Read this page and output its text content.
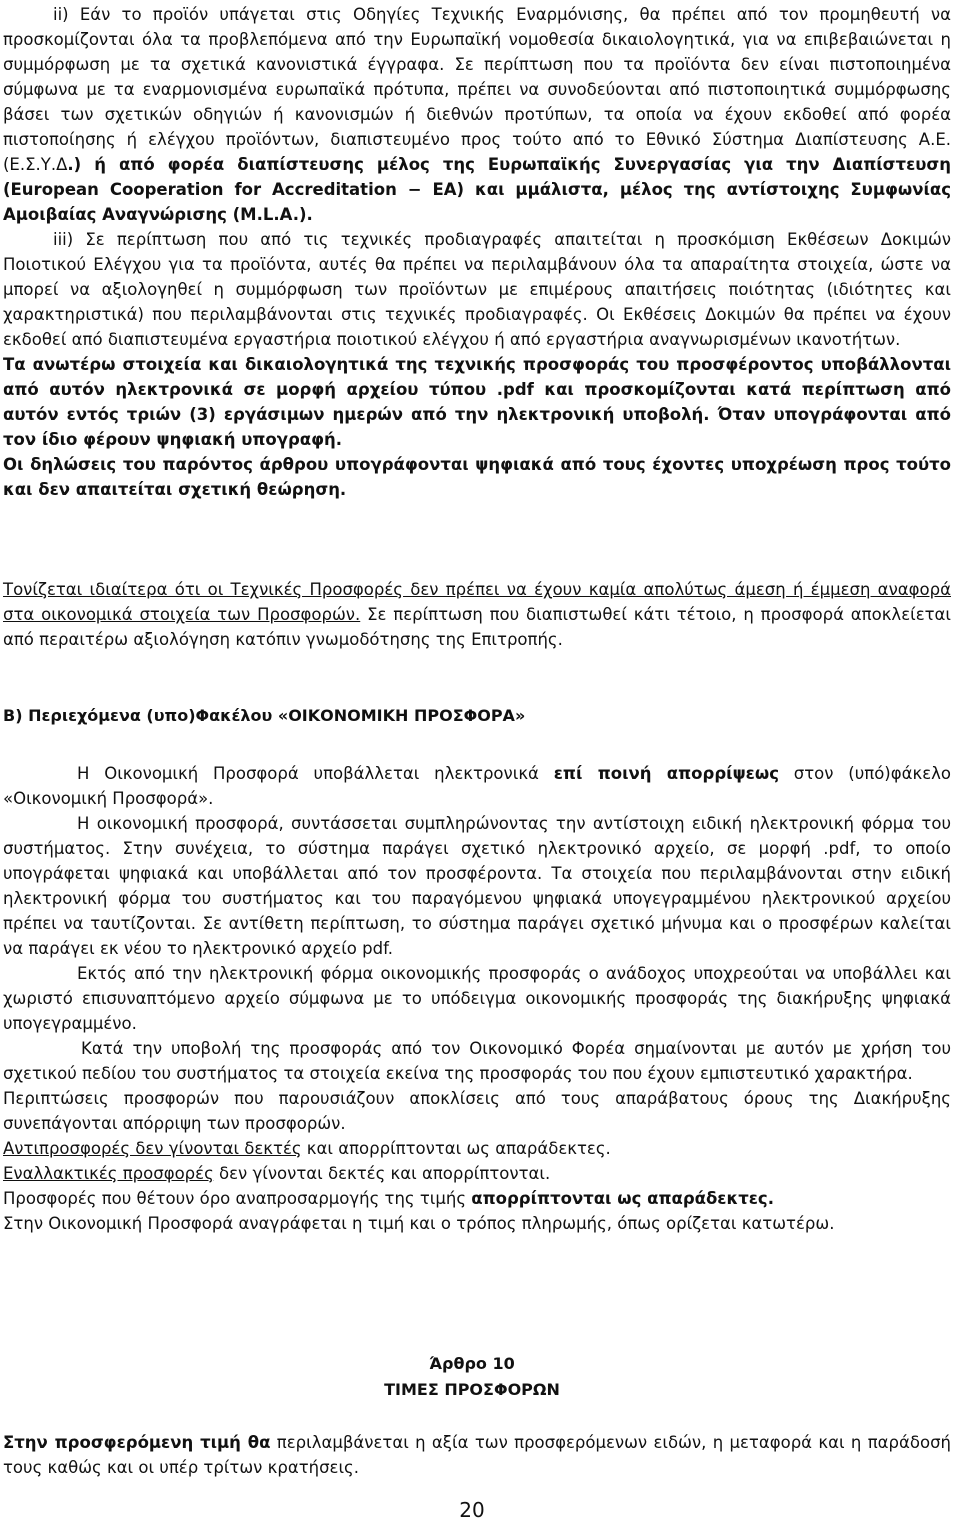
ii) Εάν το προϊόν υπάγεται στις Οδηγίες Τεχνικής Εναρμόνισης, θα πρέπει από τον προμηθευτή να προσκομίζονται όλα τα προβλεπόμενα από την Ευρωπαϊκή νομοθεσία δικαιολογητικά, για να επιβεβαιώνεται η συμμόρφωση με τα σχετικά κανονιστικά έγγραφα. Σε περίπτωση που τα προϊόντα δεν είναι πιστοποιημένα σύμφωνα με τα εναρμονισμένα ευρωπαϊκά πρότυπα, πρέπει να συνοδεύονται από πιστοποιητικά συμμόρφωσης βάσει των σχετικών οδηγιών ή κανονισμών ή διεθνών προτύπων, τα οποία να έχουν εκδοθεί από φορέα πιστοποίησης ή ελέγχου προϊόντων, διαπιστευμένο προς τούτο από το Εθνικό Σύστημα Διαπίστευσης Α.Ε. (Ε.Σ.Υ.Δ.) ή από φορέα διαπίστευσης μέλος της Ευρωπαϊκής Συνεργασίας για την Διαπίστευση (European Cooperation for Accreditation − EA) και μμάλιστα, μέλος της αντίστοιχης Συμφωνίας Αμοιβαίας Αναγνώρισης (M.L.A.).

iii) Σε περίπτωση που από τις τεχνικές προδιαγραφές απαιτείται η προσκόμιση Εκθέσεων Δοκιμών Ποιοτικού Ελέγχου για τα προϊόντα, αυτές θα πρέπει να περιλαμβάνουν όλα τα απαραίτητα στοιχεία, ώστε να μπορεί να αξιολογηθεί η συμμόρφωση των προϊόντων με επιμέρους απαιτήσεις ποιότητας (ιδιότητες και χαρακτηριστικά) που περιλαμβάνονται στις τεχνικές προδιαγραφές. Οι Εκθέσεις Δοκιμών θα πρέπει να έχουν εκδοθεί από διαπιστευμένα εργαστήρια ποιοτικού ελέγχου ή από εργαστήρια αναγνωρισμένων ικανοτήτων.

Τα ανωτέρω στοιχεία και δικαιολογητικά της τεχνικής προσφοράς του προσφέροντος υποβάλλονται από αυτόν ηλεκτρονικά σε μορφή αρχείου τύπου .pdf και προσκομίζονται κατά περίπτωση από αυτόν εντός τριών (3) εργάσιμων ημερών από την ηλεκτρονική υποβολή. Όταν υπογράφονται από τον ίδιο φέρουν ψηφιακή υπογραφή.

Οι δηλώσεις του παρόντος άρθρου υπογράφονται ψηφιακά από τους έχοντες υποχρέωση προς τούτο και δεν απαιτείται σχετική θεώρηση.

Τονίζεται ιδιαίτερα ότι οι Τεχνικές Προσφορές δεν πρέπει να έχουν καμία απολύτως άμεση ή έμμεση αναφορά στα οικονομικά στοιχεία των Προσφορών. Σε περίπτωση που διαπιστωθεί κάτι τέτοιο, η προσφορά αποκλείεται από περαιτέρω αξιολόγηση κατόπιν γνωμοδότησης της Επιτροπής.

Β) Περιεχόμενα (υπο)Φακέλου «ΟΙΚΟΝΟΜΙΚΗ ΠΡΟΣΦΟΡΑ»

Η Οικονομική Προσφορά υποβάλλεται ηλεκτρονικά επί ποινή απορρίψεως στον (υπό)φάκελο «Οικονομική Προσφορά».

Η οικονομική προσφορά, συντάσσεται συμπληρώνοντας την αντίστοιχη ειδική ηλεκτρονική φόρμα του συστήματος. Στην συνέχεια, το σύστημα παράγει σχετικό ηλεκτρονικό αρχείο, σε μορφή .pdf, το οποίο υπογράφεται ψηφιακά και υποβάλλεται από τον προσφέροντα. Τα στοιχεία που περιλαμβάνονται στην ειδική ηλεκτρονική φόρμα του συστήματος και του παραγόμενου ψηφιακά υπογεγραμμένου ηλεκτρονικού αρχείου πρέπει να ταυτίζονται. Σε αντίθετη περίπτωση, το σύστημα παράγει σχετικό μήνυμα και ο προσφέρων καλείται να παράγει εκ νέου το ηλεκτρονικό αρχείο pdf.

Εκτός από την ηλεκτρονική φόρμα οικονομικής προσφοράς ο ανάδοχος υποχρεούται να υποβάλλει και χωριστό επισυναπτόμενο αρχείο σύμφωνα με το υπόδειγμα οικονομικής προσφοράς της διακήρυξης ψηφιακά υπογεγραμμένο.

Κατά την υποβολή της προσφοράς από τον Οικονομικό Φορέα σημαίνονται με αυτόν με χρήση του σχετικού πεδίου του συστήματος τα στοιχεία εκείνα της προσφοράς του που έχουν εμπιστευτικό χαρακτήρα.

Περιπτώσεις προσφορών που παρουσιάζουν αποκλίσεις από τους απαράβατους όρους της Διακήρυξης συνεπάγονται απόρριψη των προσφορών.

Αντιπροσφορές δεν γίνονται δεκτές και απορρίπτονται ως απαράδεκτες.

Εναλλακτικές προσφορές δεν γίνονται δεκτές και απορρίπτονται.

Προσφορές που θέτουν όρο αναπροσαρμογής της τιμής απορρίπτονται ως απαράδεκτες.

Στην Οικονομική Προσφορά αναγράφεται η τιμή και ο τρόπος πληρωμής, όπως ορίζεται κατωτέρω.

Άρθρο 10
ΤΙΜΕΣ ΠΡΟΣΦΟΡΩΝ

Στην προσφερόμενη τιμή θα περιλαμβάνεται η αξία των προσφερόμενων ειδών, η μεταφορά και η παράδοσή τους καθώς και οι υπέρ τρίτων κρατήσεις.

20
